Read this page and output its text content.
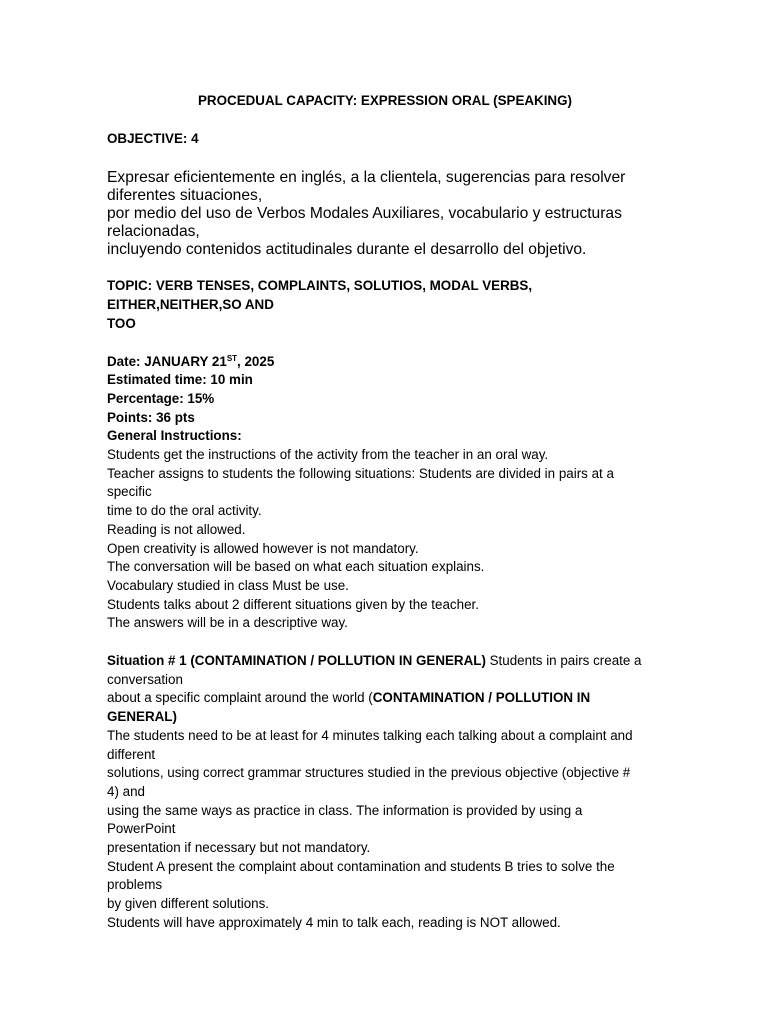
PROCEDUAL CAPACITY: EXPRESSION ORAL (SPEAKING)
OBJECTIVE: 4
Expresar eficientemente en inglés, a la clientela, sugerencias para resolver
diferentes situaciones,
por medio del uso de Verbos Modales Auxiliares, vocabulario y estructuras
relacionadas,
incluyendo contenidos actitudinales durante el desarrollo del objetivo.
TOPIC: VERB TENSES, COMPLAINTS, SOLUTIOS, MODAL VERBS, EITHER,NEITHER,SO AND
TOO
Date: JANUARY 21ST, 2025
Estimated time: 10 min
Percentage: 15%
Points: 36 pts
General Instructions:
Students get the instructions of the activity from the teacher in an oral way.
Teacher assigns to students the following situations: Students are divided in pairs at a
specific
time to do the oral activity.
Reading is not allowed.
Open creativity is allowed however is not mandatory.
The conversation will be based on what each situation explains.
Vocabulary studied in class Must be use.
Students talks about 2 different situations given by the teacher.
The answers will be in a descriptive way.
Situation # 1 (CONTAMINATION / POLLUTION IN GENERAL) Students in pairs create a
conversation
about a specific complaint around the world (CONTAMINATION / POLLUTION IN
GENERAL)
The students need to be at least for 4 minutes talking each talking about a complaint and
different
solutions, using correct grammar structures studied in the previous objective (objective #
4) and
using the same ways as practice in class. The information is provided by using a
PowerPoint
presentation if necessary but not mandatory.
Student A present the complaint about contamination and students B tries to solve the
problems
by given different solutions.
Students will have approximately 4 min to talk each, reading is NOT allowed.
